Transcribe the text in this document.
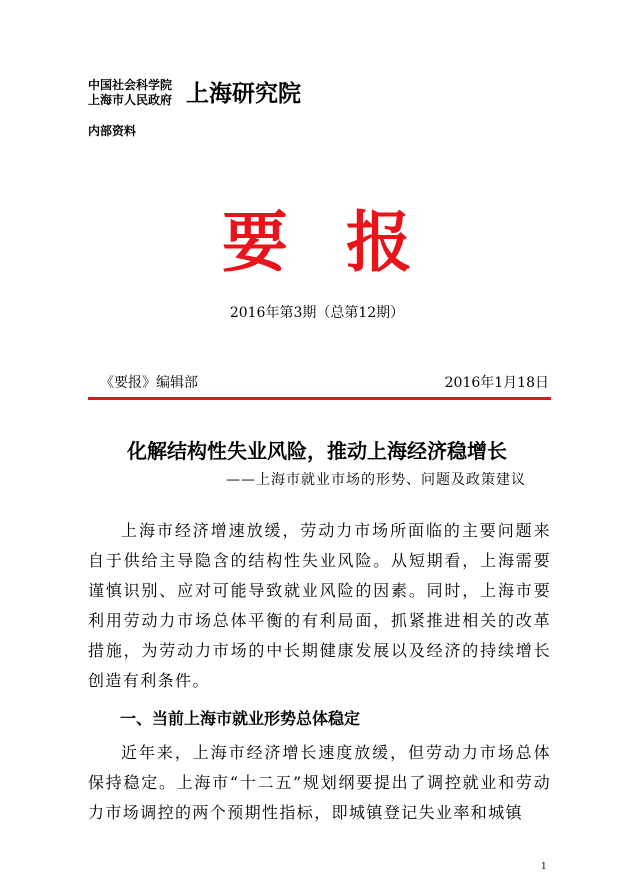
中国社会科学院
上海市人民政府 上海研究院
内部资料
要报
2016年第3期（总第12期）
《要报》编辑部	2016年1月18日
化解结构性失业风险，推动上海经济稳增长
——上海市就业市场的形势、问题及政策建议

上海市经济增速放缓，劳动力市场所面临的主要问题来自于供给主导隐含的结构性失业风险。从短期看，上海需要谨慎识别、应对可能导致就业风险的因素。同时，上海市要利用劳动力市场总体平衡的有利局面，抓紧推进相关的改革措施，为劳动力市场的中长期健康发展以及经济的持续增长创造有利条件。

一、当前上海市就业形势总体稳定

近年来，上海市经济增长速度放缓，但劳动力市场总体保持稳定。上海市“十二五”规划纲要提出了调控就业和劳动力市场调控的两个预期性指标，即城镇登记失业率和城镇

1
